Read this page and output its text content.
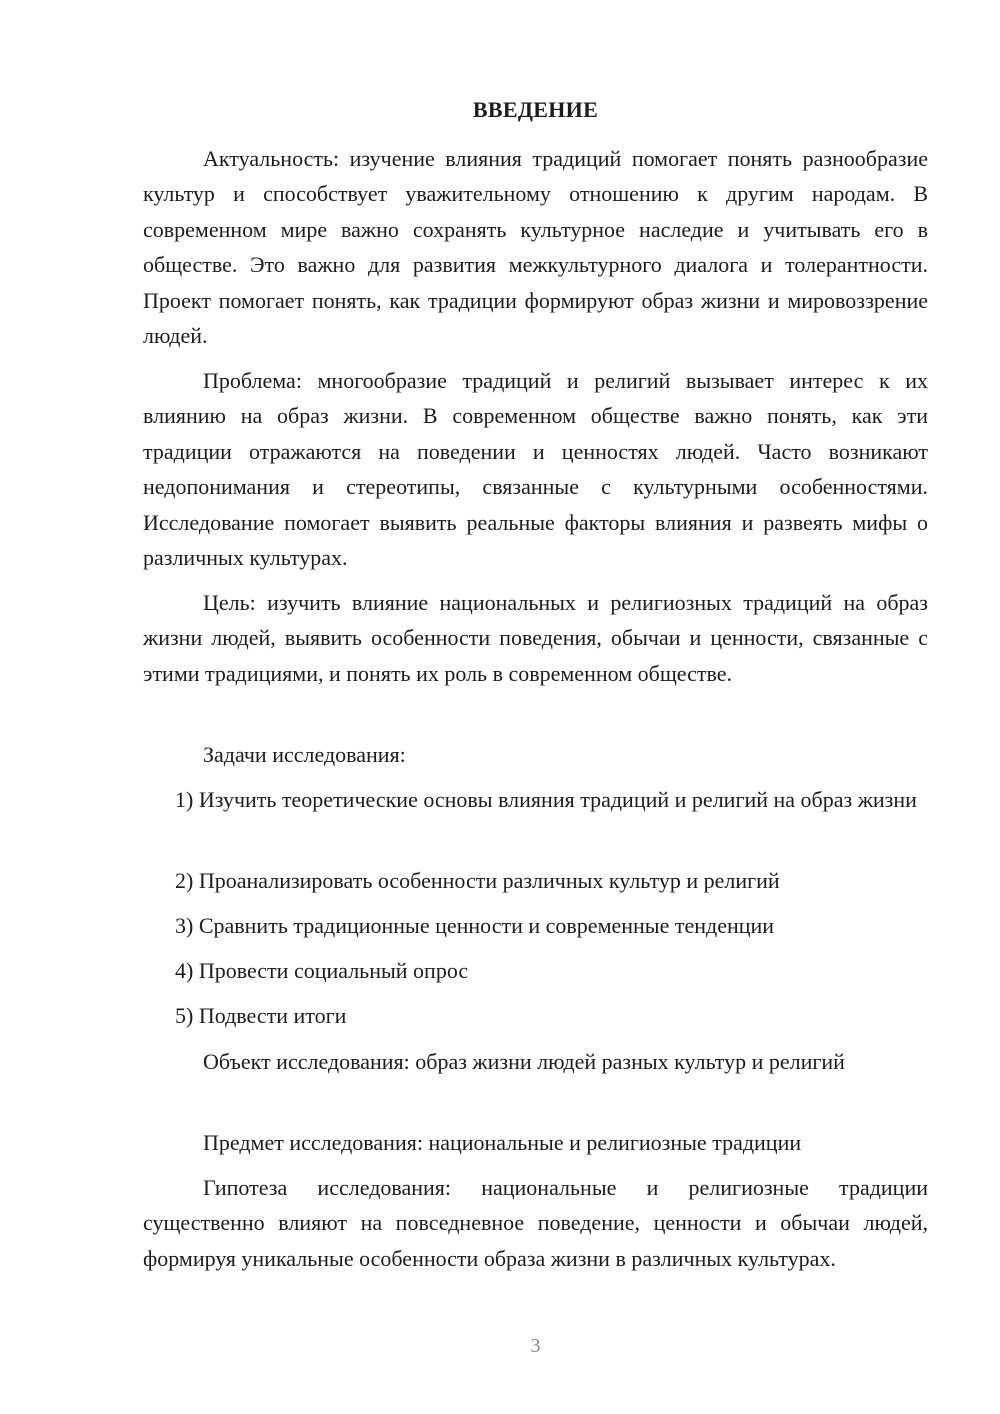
ВВЕДЕНИЕ

Актуальность: изучение влияния традиций помогает понять разнообразие культур и способствует уважительному отношению к другим народам. В современном мире важно сохранять культурное наследие и учитывать его в обществе. Это важно для развития межкультурного диалога и толерантности. Проект помогает понять, как традиции формируют образ жизни и мировоззрение людей.

Проблема: многообразие традиций и религий вызывает интерес к их влиянию на образ жизни. В современном обществе важно понять, как эти традиции отражаются на поведении и ценностях людей. Часто возникают недопонимания и стереотипы, связанные с культурными особенностями. Исследование помогает выявить реальные факторы влияния и развеять мифы о различных культурах.

Цель: изучить влияние национальных и религиозных традиций на образ жизни людей, выявить особенности поведения, обычаи и ценности, связанные с этими традициями, и понять их роль в современном обществе.

Задачи исследования:

1) Изучить теоретические основы влияния традиций и религий на образ жизни

2) Проанализировать особенности различных культур и религий

3) Сравнить традиционные ценности и современные тенденции

4) Провести социальный опрос

5) Подвести итоги

Объект исследования: образ жизни людей разных культур и религий

Предмет исследования: национальные и религиозные традиции

Гипотеза исследования: национальные и религиозные традиции существенно влияют на повседневное поведение, ценности и обычаи людей, формируя уникальные особенности образа жизни в различных культурах.

3
